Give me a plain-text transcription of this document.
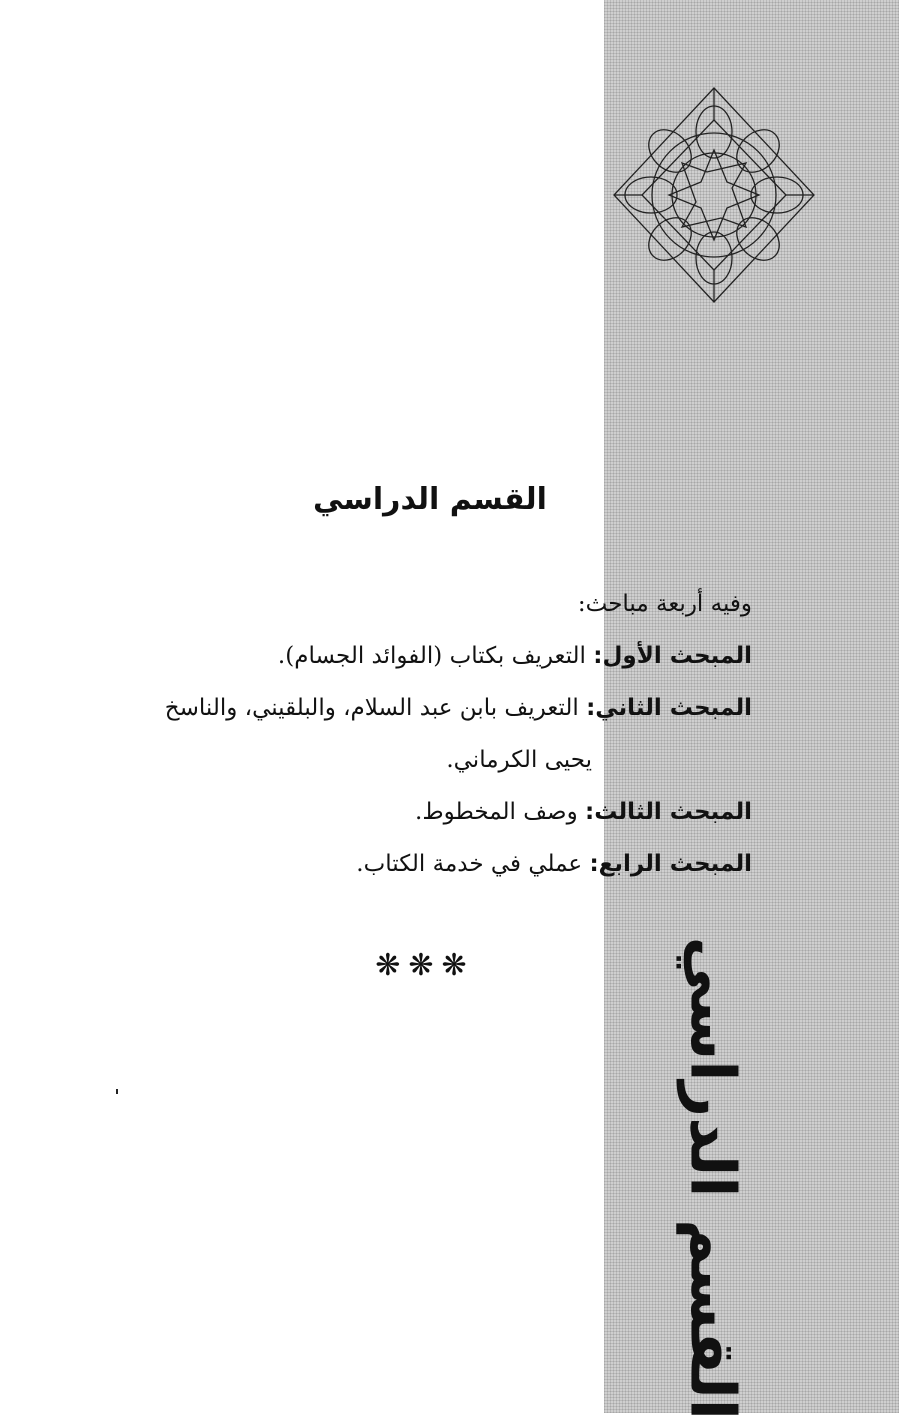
القسم الدراسي
القسم الدراسي
وفيه أربعة مباحث:
المبحث الأول: التعريف بكتاب (الفوائد الجسام).
المبحث الثاني: التعريف بابن عبد السلام، والبلقيني، والناسخ
يحيى الكرماني.
المبحث الثالث: وصف المخطوط.
المبحث الرابع: عملي في خدمة الكتاب.
❋❋❋
